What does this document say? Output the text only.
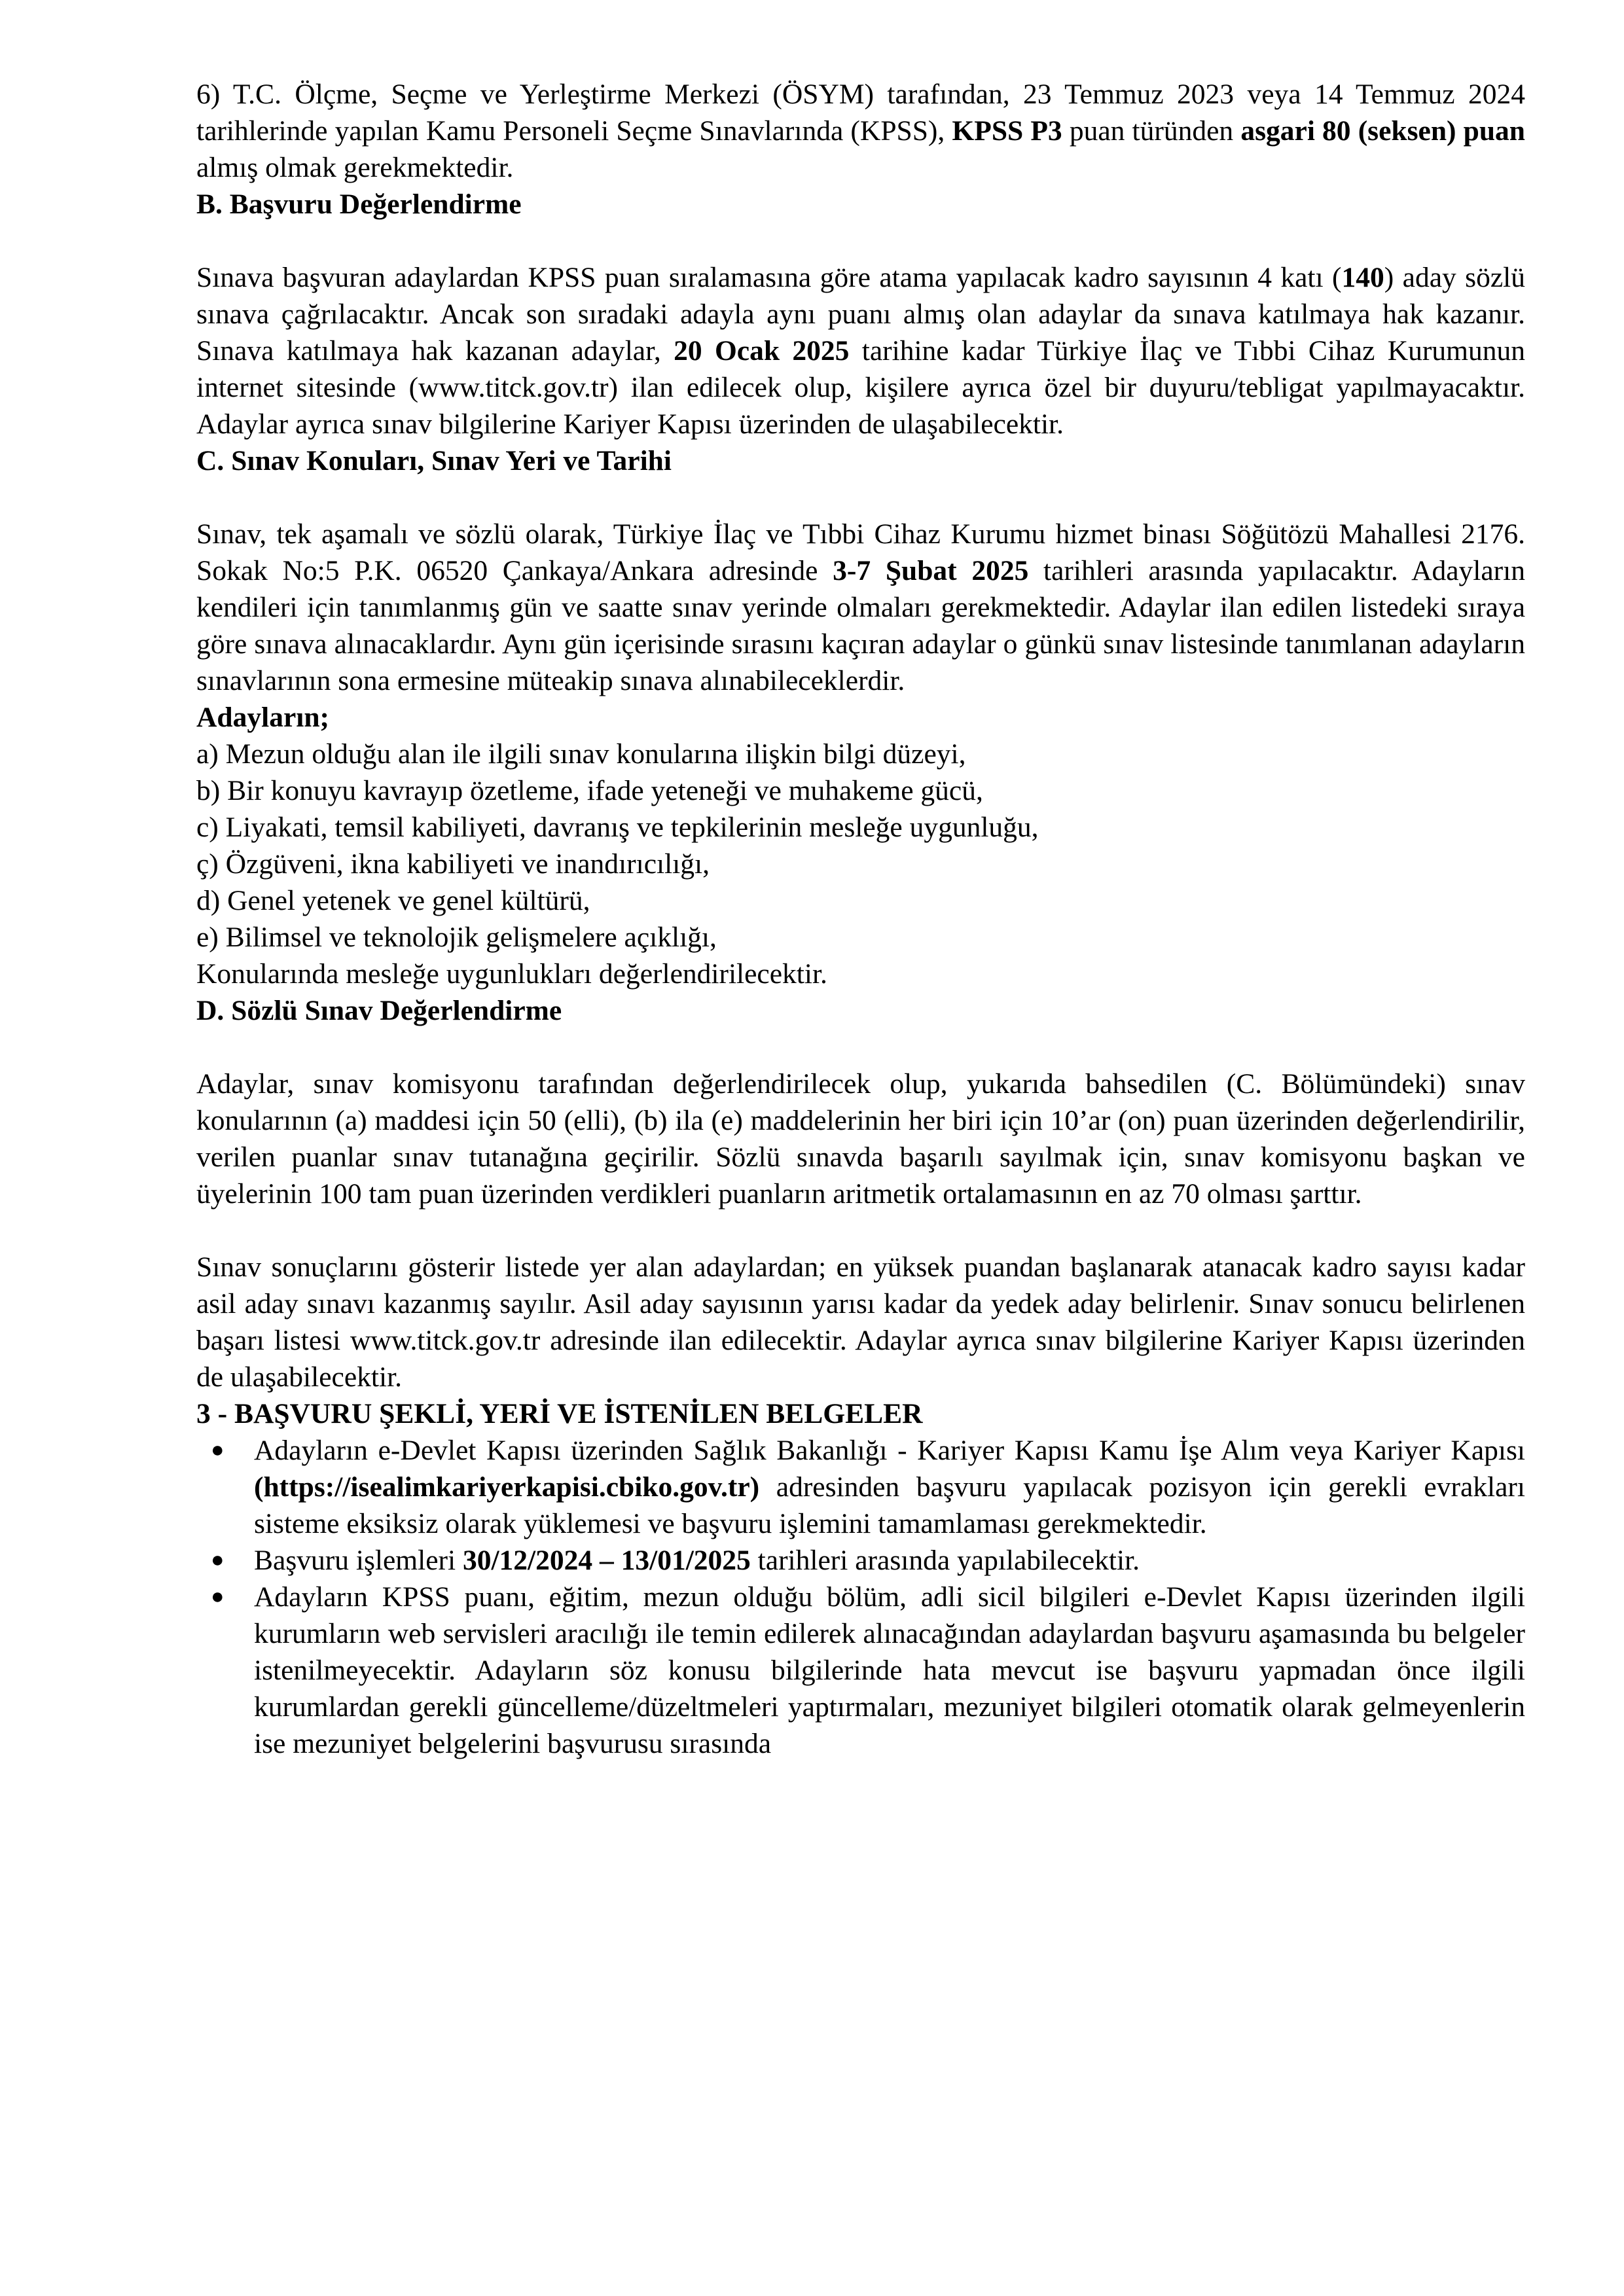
6) T.C. Ölçme, Seçme ve Yerleştirme Merkezi (ÖSYM) tarafından, 23 Temmuz 2023 veya 14 Temmuz 2024 tarihlerinde yapılan Kamu Personeli Seçme Sınavlarında (KPSS), KPSS P3 puan türünden asgari 80 (seksen) puan almış olmak gerekmektedir.

B. Başvuru Değerlendirme

Sınava başvuran adaylardan KPSS puan sıralamasına göre atama yapılacak kadro sayısının 4 katı (140) aday sözlü sınava çağrılacaktır. Ancak son sıradaki adayla aynı puanı almış olan adaylar da sınava katılmaya hak kazanır. Sınava katılmaya hak kazanan adaylar, 20 Ocak 2025 tarihine kadar Türkiye İlaç ve Tıbbi Cihaz Kurumunun internet sitesinde (www.titck.gov.tr) ilan edilecek olup, kişilere ayrıca özel bir duyuru/tebligat yapılmayacaktır. Adaylar ayrıca sınav bilgilerine Kariyer Kapısı üzerinden de ulaşabilecektir.

C. Sınav Konuları, Sınav Yeri ve Tarihi

Sınav, tek aşamalı ve sözlü olarak, Türkiye İlaç ve Tıbbi Cihaz Kurumu hizmet binası Söğütözü Mahallesi 2176. Sokak No:5 P.K. 06520 Çankaya/Ankara adresinde 3-7 Şubat 2025 tarihleri arasında yapılacaktır. Adayların kendileri için tanımlanmış gün ve saatte sınav yerinde olmaları gerekmektedir. Adaylar ilan edilen listedeki sıraya göre sınava alınacaklardır. Aynı gün içerisinde sırasını kaçıran adaylar o günkü sınav listesinde tanımlanan adayların sınavlarının sona ermesine müteakip sınava alınabileceklerdir.

Adayların;

a) Mezun olduğu alan ile ilgili sınav konularına ilişkin bilgi düzeyi,

b) Bir konuyu kavrayıp özetleme, ifade yeteneği ve muhakeme gücü,

c) Liyakati, temsil kabiliyeti, davranış ve tepkilerinin mesleğe uygunluğu,

ç) Özgüveni, ikna kabiliyeti ve inandırıcılığı,

d) Genel yetenek ve genel kültürü,

e) Bilimsel ve teknolojik gelişmelere açıklığı,

Konularında mesleğe uygunlukları değerlendirilecektir.

D. Sözlü Sınav Değerlendirme

Adaylar, sınav komisyonu tarafından değerlendirilecek olup, yukarıda bahsedilen (C. Bölümündeki) sınav konularının (a) maddesi için 50 (elli), (b) ila (e) maddelerinin her biri için 10’ar (on) puan üzerinden değerlendirilir, verilen puanlar sınav tutanağına geçirilir. Sözlü sınavda başarılı sayılmak için, sınav komisyonu başkan ve üyelerinin 100 tam puan üzerinden verdikleri puanların aritmetik ortalamasının en az 70 olması şarttır.

Sınav sonuçlarını gösterir listede yer alan adaylardan; en yüksek puandan başlanarak atanacak kadro sayısı kadar asil aday sınavı kazanmış sayılır. Asil aday sayısının yarısı kadar da yedek aday belirlenir. Sınav sonucu belirlenen başarı listesi www.titck.gov.tr adresinde ilan edilecektir. Adaylar ayrıca sınav bilgilerine Kariyer Kapısı üzerinden de ulaşabilecektir.

3 - BAŞVURU ŞEKLİ, YERİ VE İSTENİLEN BELGELER

● Adayların e-Devlet Kapısı üzerinden Sağlık Bakanlığı - Kariyer Kapısı Kamu İşe Alım veya Kariyer Kapısı (https://isealimkariyerkapisi.cbiko.gov.tr) adresinden başvuru yapılacak pozisyon için gerekli evrakları sisteme eksiksiz olarak yüklemesi ve başvuru işlemini tamamlaması gerekmektedir.
● Başvuru işlemleri 30/12/2024 – 13/01/2025 tarihleri arasında yapılabilecektir.
● Adayların KPSS puanı, eğitim, mezun olduğu bölüm, adli sicil bilgileri e-Devlet Kapısı üzerinden ilgili kurumların web servisleri aracılığı ile temin edilerek alınacağından adaylardan başvuru aşamasında bu belgeler istenilmeyecektir. Adayların söz konusu bilgilerinde hata mevcut ise başvuru yapmadan önce ilgili kurumlardan gerekli güncelleme/düzeltmeleri yaptırmaları, mezuniyet bilgileri otomatik olarak gelmeyenlerin ise mezuniyet belgelerini başvurusu sırasında
